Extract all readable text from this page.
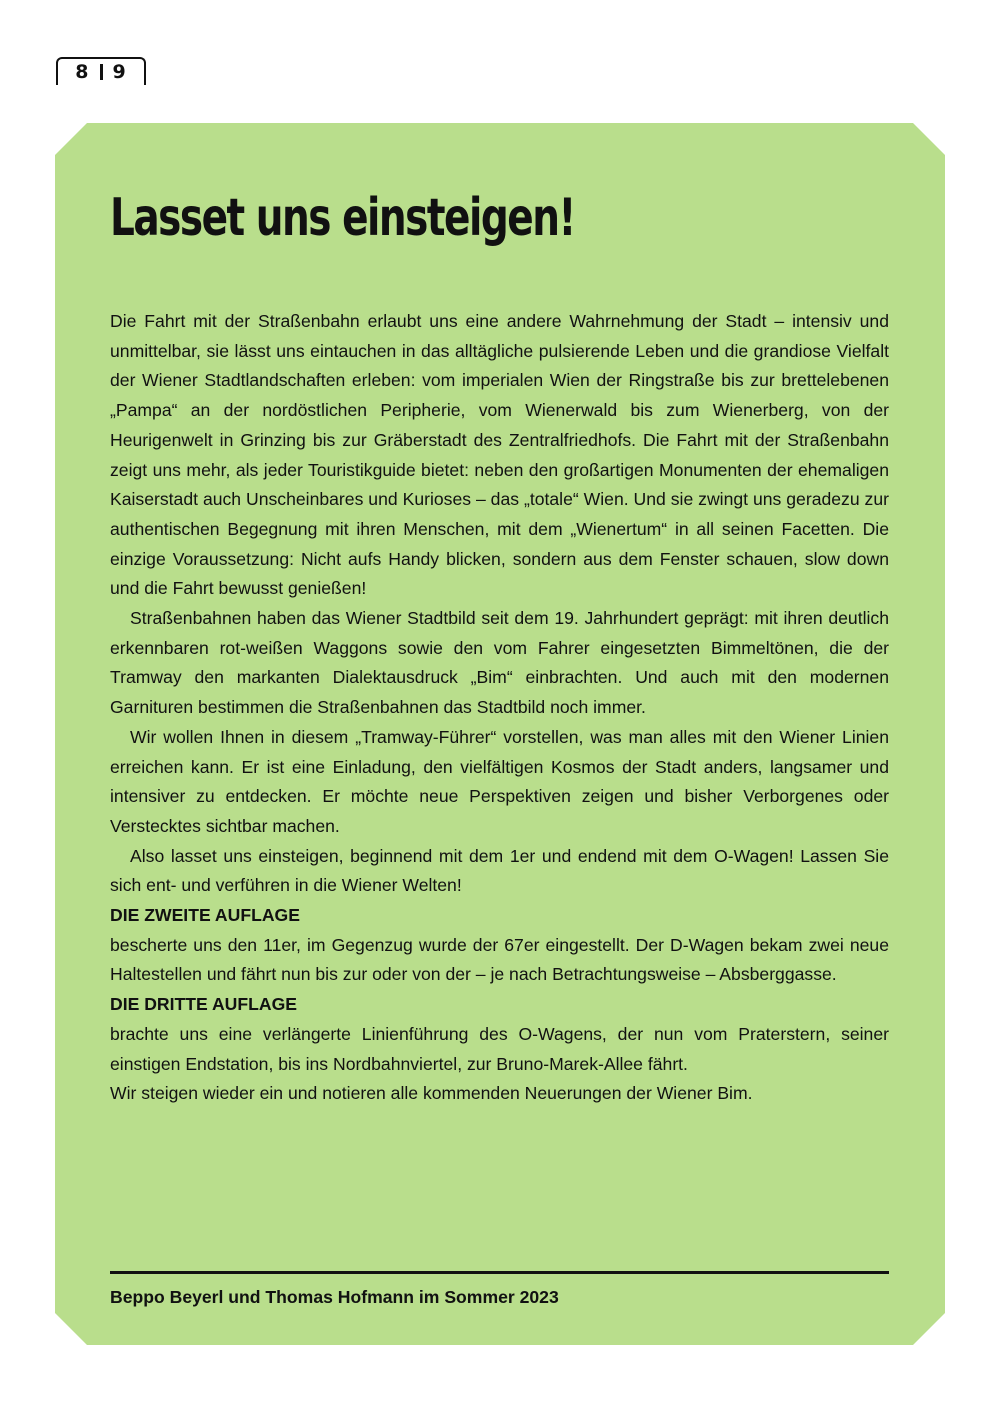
8 9
Lasset uns einsteigen!

Die Fahrt mit der Straßenbahn erlaubt uns eine andere Wahrnehmung der Stadt – intensiv und unmittelbar, sie lässt uns eintauchen in das alltägliche pulsierende Leben und die grandiose Vielfalt der Wiener Stadtlandschaften erleben: vom imperialen Wien der Ringstraße bis zur brettelebenen „Pampa“ an der nordöstlichen Peripherie, vom Wienerwald bis zum Wienerberg, von der Heurigenwelt in Grinzing bis zur Gräberstadt des Zentralfriedhofs. Die Fahrt mit der Straßenbahn zeigt uns mehr, als jeder Touristikguide bietet: neben den großartigen Monumenten der ehemaligen Kaiserstadt auch Unscheinbares und Kurioses – das „totale“ Wien. Und sie zwingt uns geradezu zur authentischen Begegnung mit ihren Menschen, mit dem „Wienertum“ in all seinen Facetten. Die einzige Voraussetzung: Nicht aufs Handy blicken, sondern aus dem Fenster schauen, slow down und die Fahrt bewusst genießen!

Straßenbahnen haben das Wiener Stadtbild seit dem 19. Jahrhundert geprägt: mit ihren deutlich erkennbaren rot-weißen Waggons sowie den vom Fahrer eingesetzten Bimmeltönen, die der Tramway den markanten Dialektausdruck „Bim“ einbrachten. Und auch mit den modernen Garnituren bestimmen die Straßenbahnen das Stadtbild noch immer.

Wir wollen Ihnen in diesem „Tramway-Führer“ vorstellen, was man alles mit den Wiener Linien erreichen kann. Er ist eine Einladung, den vielfältigen Kosmos der Stadt anders, langsamer und intensiver zu entdecken. Er möchte neue Perspektiven zeigen und bisher Verborgenes oder Verstecktes sichtbar machen.

Also lasset uns einsteigen, beginnend mit dem 1er und endend mit dem O-Wagen! Lassen Sie sich ent- und verführen in die Wiener Welten!

DIE ZWEITE AUFLAGE

bescherte uns den 11er, im Gegenzug wurde der 67er eingestellt. Der D-Wagen bekam zwei neue Haltestellen und fährt nun bis zur oder von der – je nach Betrachtungsweise – Absberggasse.

DIE DRITTE AUFLAGE

brachte uns eine verlängerte Linienführung des O-Wagens, der nun vom Praterstern, seiner einstigen Endstation, bis ins Nordbahnviertel, zur Bruno-Marek-Allee fährt.

Wir steigen wieder ein und notieren alle kommenden Neuerungen der Wiener Bim.

Beppo Beyerl und Thomas Hofmann im Sommer 2023
